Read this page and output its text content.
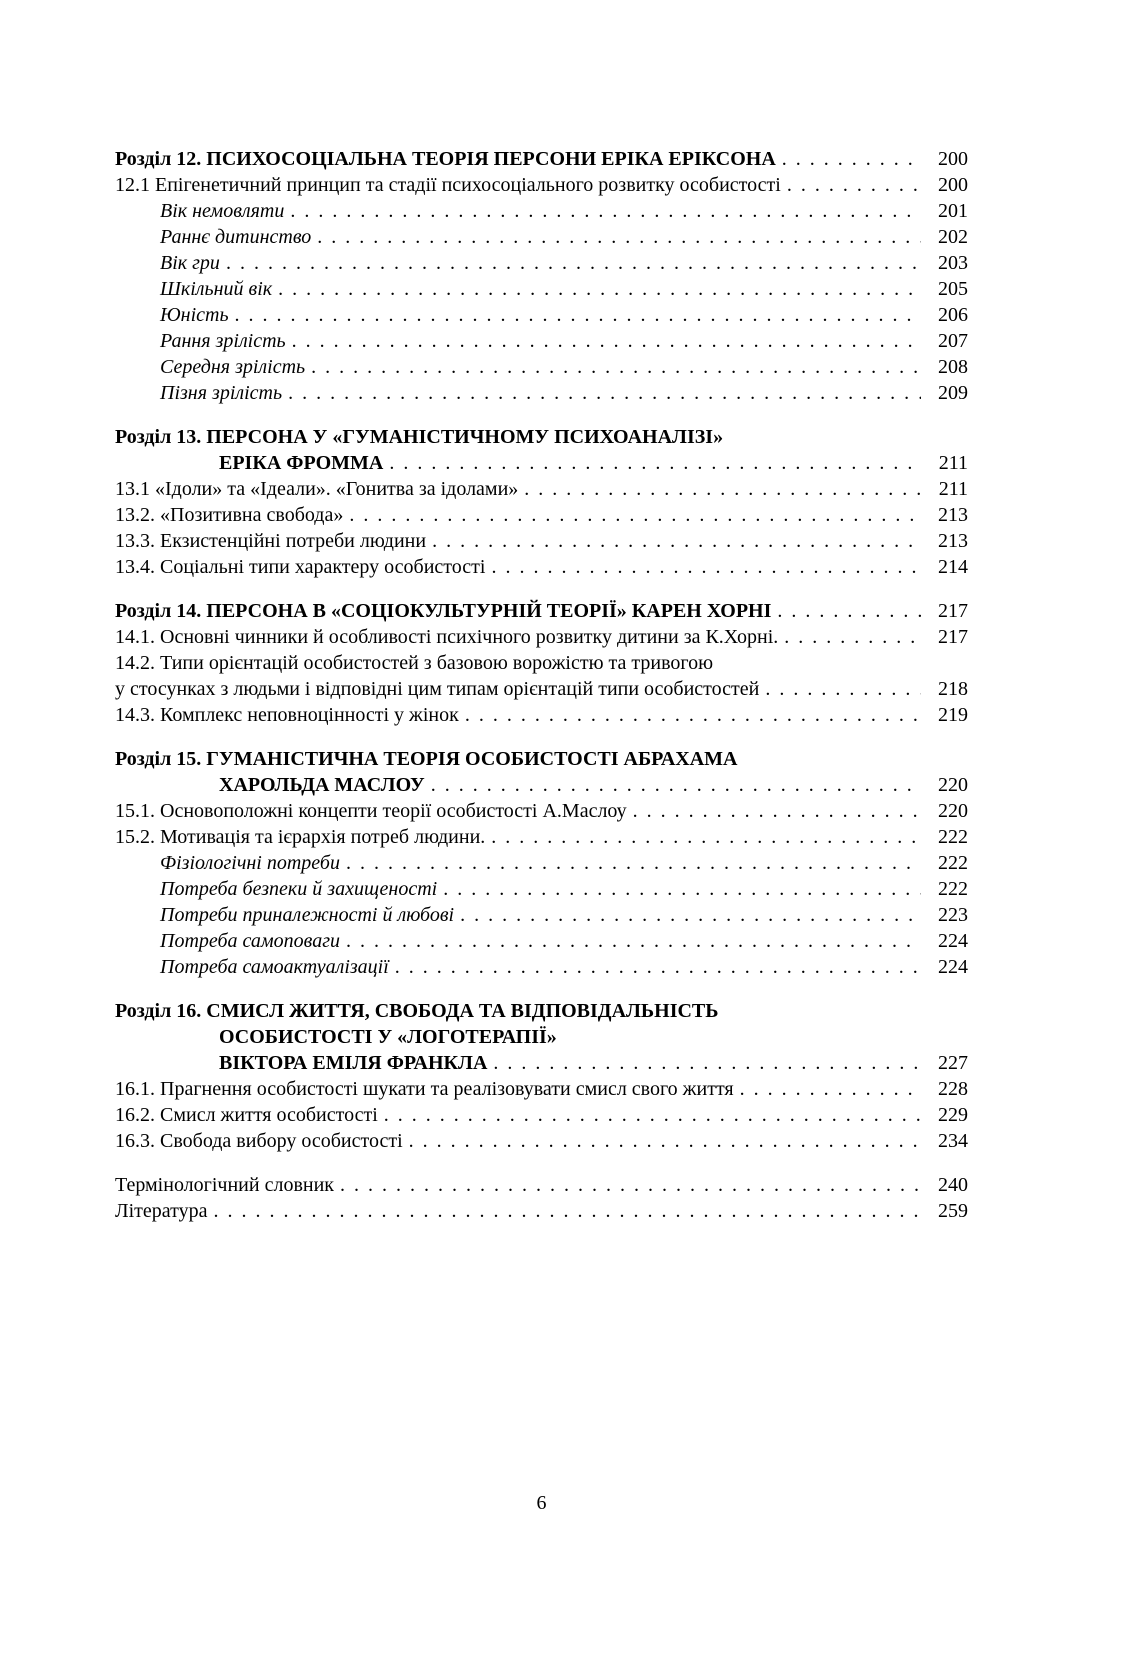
Розділ 12. ПСИХОСОЦІАЛЬНА ТЕОРІЯ ПЕРСОНИ ЕРІКА ЕРІКСОНА . . .	200
12.1 Епігенетичний принцип та стадії психосоціального розвитку особистості . . .	200
Вік немовляти . . .	201
Раннє дитинство . . .	202
Вік гри . . .	203
Шкільний вік . . .	205
Юність . . .	206
Рання зрілість . . .	207
Середня зрілість . . .	208
Пізня зрілість . . .	209
Розділ 13. ПЕРСОНА У «ГУМАНІСТИЧНОМУ ПСИХОАНАЛІЗІ»
ЕРІКА ФРОММА . . .	211
13.1 «Ідоли» та «Ідеали». «Гонитва за ідолами» . . .	211
13.2. «Позитивна свобода» . . .	213
13.3. Екзистенційні потреби людини . . .	213
13.4. Соціальні типи характеру особистості . . .	214
Розділ 14. ПЕРСОНА В «СОЦІОКУЛЬТУРНІЙ ТЕОРІЇ» КАРЕН ХОРНІ . . .	217
14.1. Основні чинники й особливості психічного розвитку дитини за К.Хорні. . . .	217
14.2. Типи орієнтацій особистостей з базовою ворожістю та тривогою
у стосунках з людьми і відповідні цим типам орієнтацій типи особистостей . . .	218
14.3. Комплекс неповноцінності у жінок . . .	219
Розділ 15. ГУМАНІСТИЧНА ТЕОРІЯ ОСОБИСТОСТІ АБРАХАМА
ХАРОЛЬДА МАСЛОУ . . .	220
15.1. Основоположні концепти теорії особистості А.Маслоу . . .	220
15.2. Мотивація та ієрархія потреб людини. . . .	222
Фізіологічні потреби . . .	222
Потреба безпеки й захищеності . . .	222
Потреби приналежності й любові . . .	223
Потреба самоповаги . . .	224
Потреба самоактуалізації . . .	224
Розділ 16. СМИСЛ ЖИТТЯ, СВОБОДА ТА ВІДПОВІДАЛЬНІСТЬ
ОСОБИСТОСТІ У «ЛОГОТЕРАПІЇ»
ВІКТОРА ЕМІЛЯ ФРАНКЛА . . .	227
16.1. Прагнення особистості шукати та реалізовувати смисл свого життя . . .	228
16.2. Смисл життя особистості . . .	229
16.3. Свобода вибору особистості . . .	234
Термінологічний словник . . .	240
Література . . .	259
6
